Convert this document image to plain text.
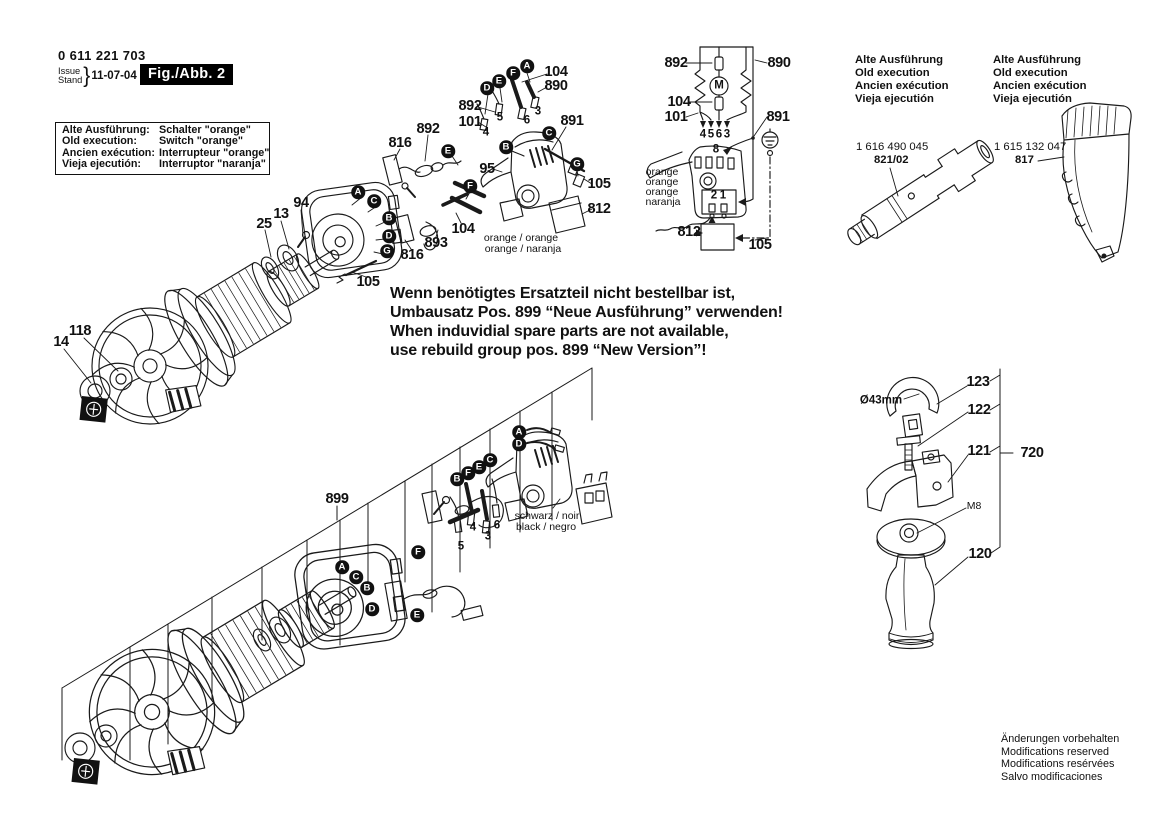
0 611 221 703
Issue
Stand } 11-07-04 Fig./Abb. 2
Alte Ausführung: Schalter "orange"
Old execution:	Switch "orange"
Ancien exécution: Interrupteur "orange"
Vieja ejecutión:	Interruptor "naranja"
Wenn benötigtes Ersatzteil nicht bestellbar ist,
Umbausatz Pos. 899 “Neue Ausführung” verwenden!
When induvidial spare parts are not available,
use rebuild group pos. 899 “New Version”!
Alte Ausführung
Old execution
Ancien exécution
Vieja ejecutión
Alte Ausführung
Old execution
Ancien exécution
Vieja ejecutión
1 616 490 045
821/02
1 615 132 047
817
Änderungen vorbehalten
Modifications reserved
Modifications resérvées
Salvo modificaciones
25
13
94
118
14
816
892
893
816
104
95
892
101
104
890
891
105
812
105
4
5 6
3
D
E
F
A
B
C
E
F
G
A
C
B
D
G
orange / orange
orange / naranja
892	890
104
101	891
812
105
M
4 5 6 3
8
2 1
orange
orange
orange
naranja
899
A
D
B
F
E
C
A
C
B
D
F
E
5
4
3
6
schwarz / noir
black / negro
Ø43mm
123
122
121 720
M8
120
